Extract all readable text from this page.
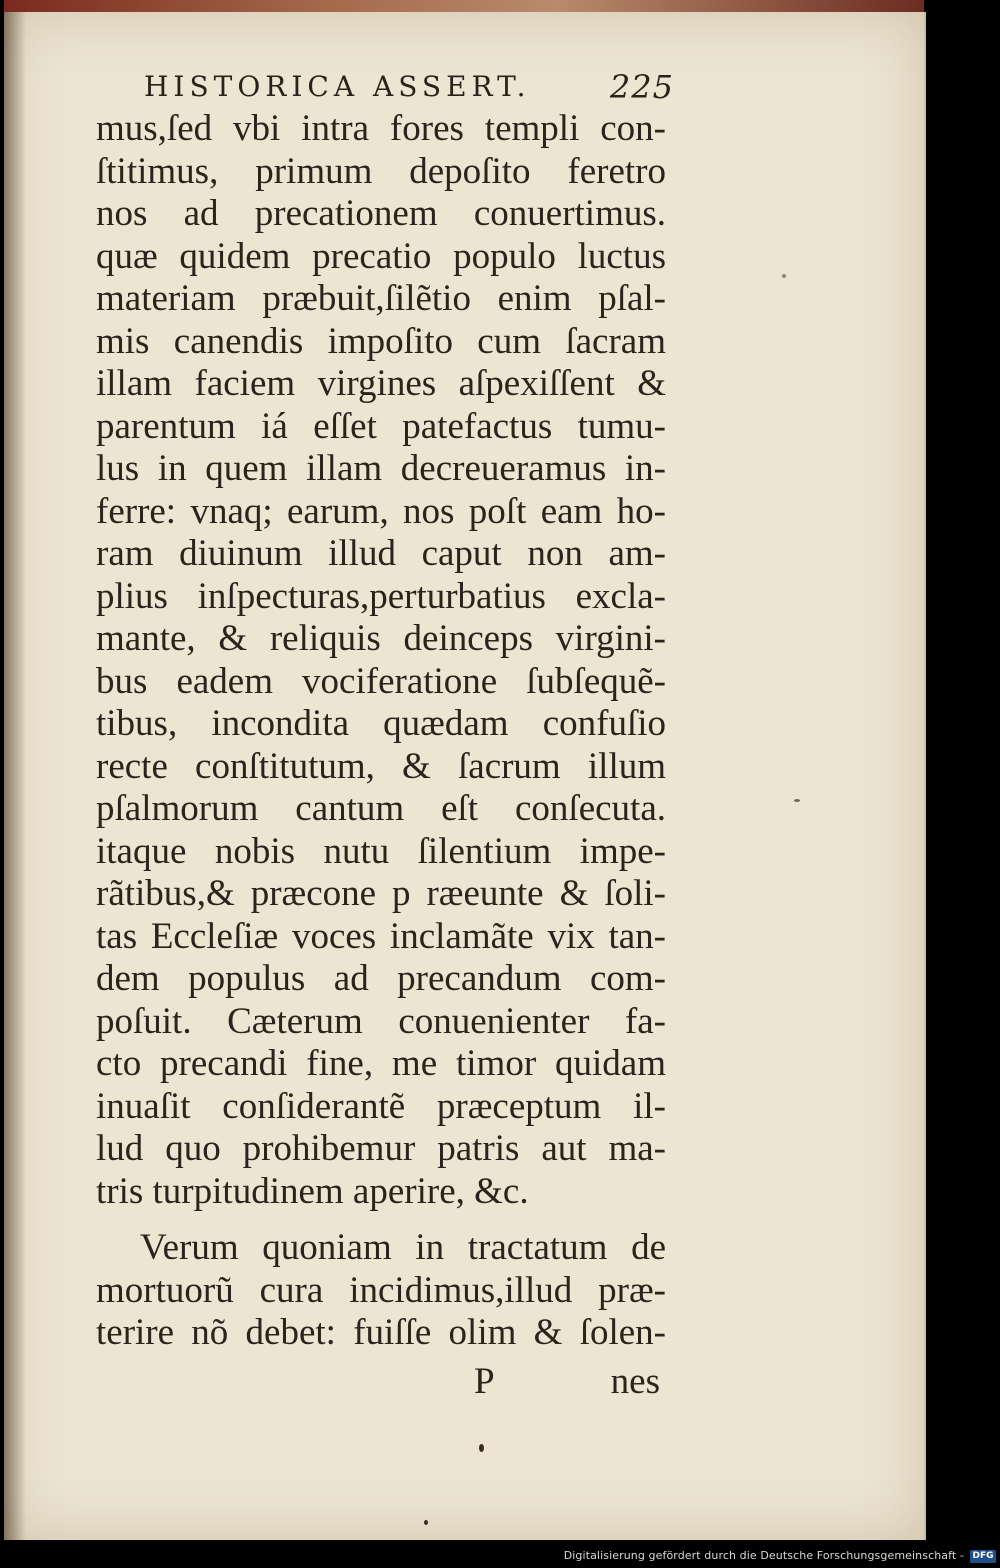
HISTORICA ASSERT. 225
mus,ſed vbi intra fores templi con-
ſtitimus, primum depoſito feretro
nos ad precationem conuertimus.
quæ quidem precatio populo luctus
materiam præbuit,ſilẽtio enim pſal-
mis canendis impoſito cum ſacram
illam faciem virgines aſpexiſſent &
parentum iá eſſet patefactus tumu-
lus in quem illam decreueramus in-
ferre: vnaq; earum, nos poſt eam ho-
ram diuinum illud caput non am-
plius inſpecturas,perturbatius excla-
mante, & reliquis deinceps virgini-
bus eadem vociferatione ſubſequẽ-
tibus, incondita quædam confuſio
recte conſtitutum, & ſacrum illum
pſalmorum cantum eſt conſecuta.
itaque nobis nutu ſilentium impe-
rãtibus,& præcone p ræeunte & ſoli-
tas Eccleſiæ voces inclamãte vix tan-
dem populus ad precandum com-
poſuit. Cæterum conuenienter fa-
cto precandi fine, me timor quidam
inuaſit conſiderantẽ præceptum il-
lud quo prohibemur patris aut ma-
tris turpitudinem aperire, &c.
Verum quoniam in tractatum de
mortuorũ cura incidimus,illud præ-
terire nõ debet: fuiſſe olim & ſolen-
P	nes
Digitalisierung gefördert durch die Deutsche Forschungsgemeinschaft - DFG
